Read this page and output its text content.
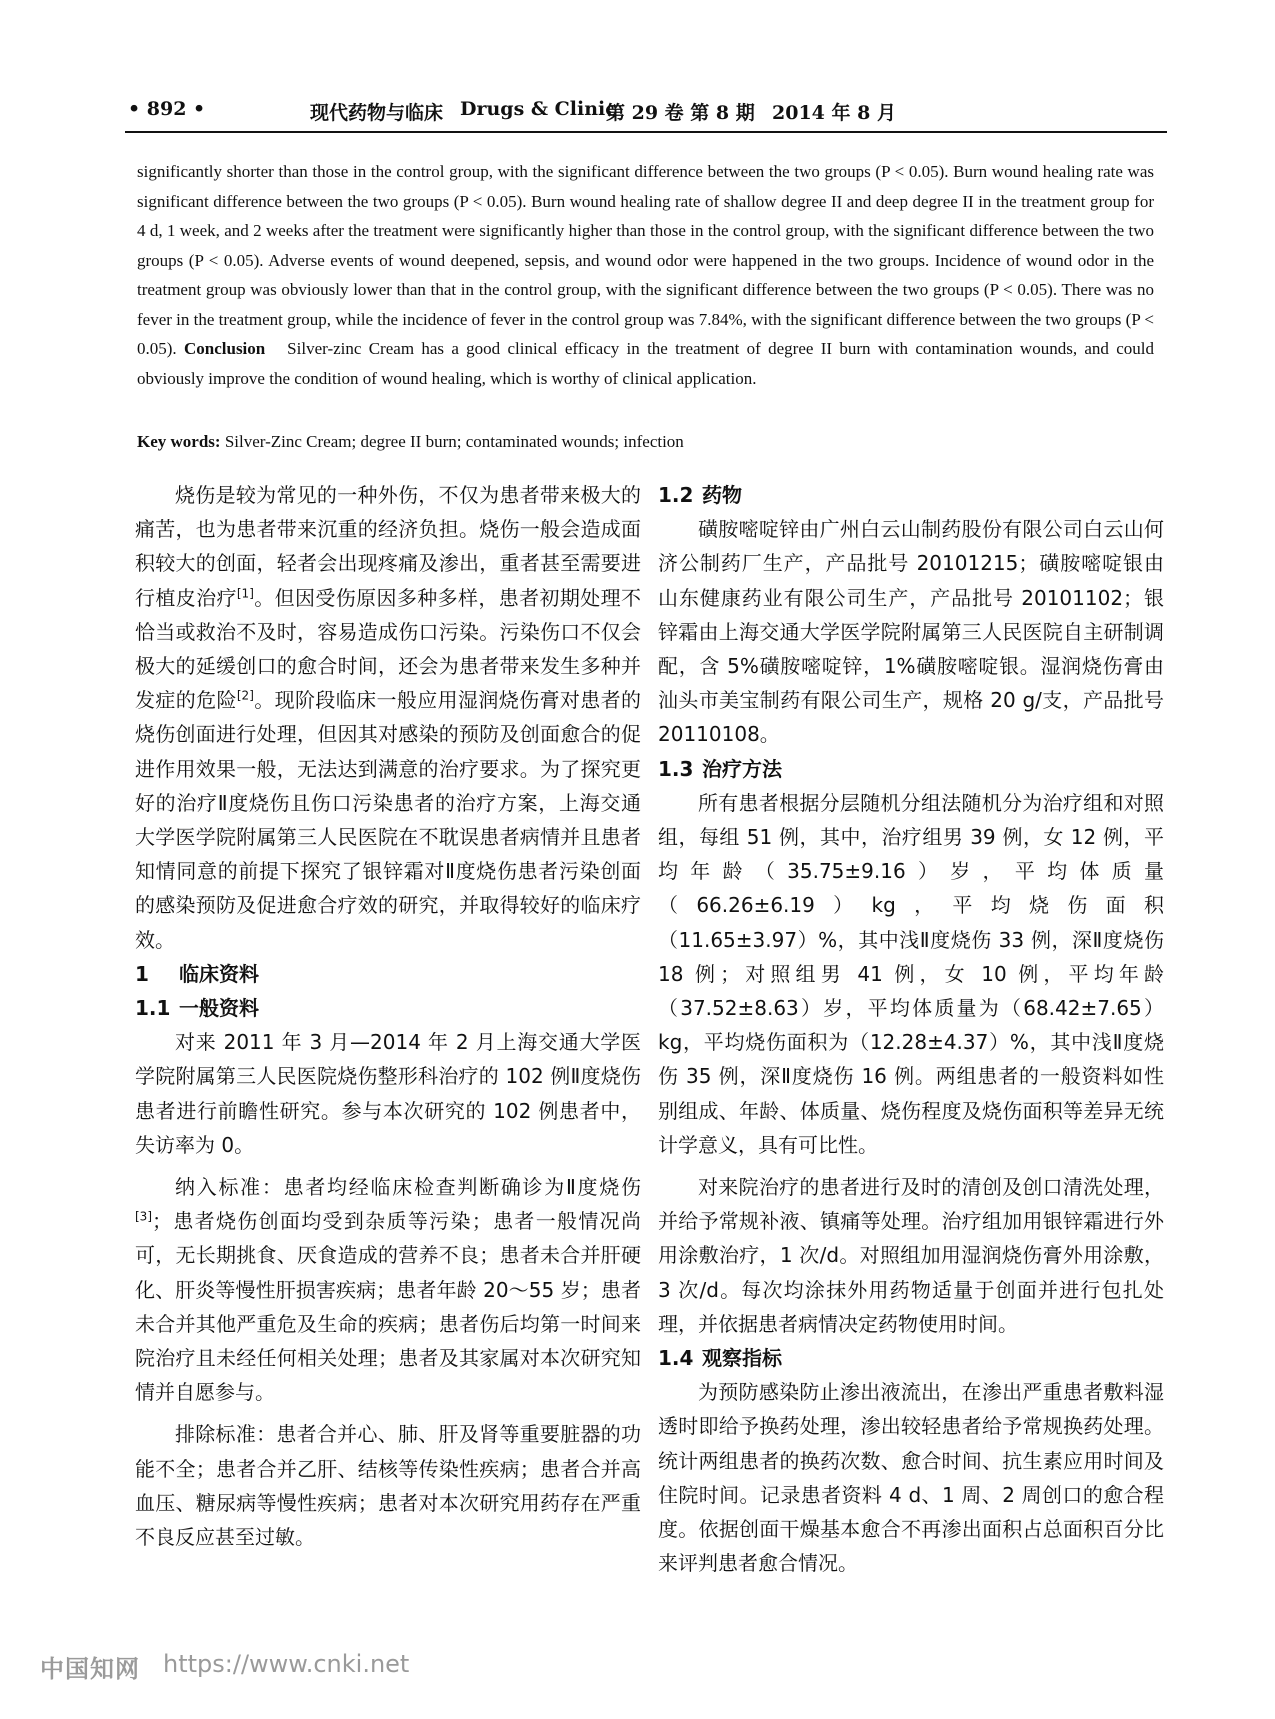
• 892 •	现代药物与临床 Drugs & Clinic
第 29 卷 第 8 期 2014 年 8 月
significantly shorter than those in the control group, with the significant difference between the two groups (P < 0.05). Burn wound healing rate was significant difference between the two groups (P < 0.05). Burn wound healing rate of shallow degree II and deep degree II in the treatment group for 4 d, 1 week, and 2 weeks after the treatment were significantly higher than those in the control group, with the significant difference between the two groups (P < 0.05). Adverse events of wound deepened, sepsis, and wound odor were happened in the two groups. Incidence of wound odor in the treatment group was obviously lower than that in the control group, with the significant difference between the two groups (P < 0.05). There was no fever in the treatment group, while the incidence of fever in the control group was 7.84%, with the significant difference between the two groups (P < 0.05). Conclusion Silver-zinc Cream has a good clinical efficacy in the treatment of degree II burn with contamination wounds, and could obviously improve the condition of wound healing, which is worthy of clinical application.
Key words: Silver-Zinc Cream; degree II burn; contaminated wounds; infection

烧伤是较为常见的一种外伤，不仅为患者带来极大的痛苦，也为患者带来沉重的经济负担。烧伤一般会造成面积较大的创面，轻者会出现疼痛及渗出，重者甚至需要进行植皮治疗[1]。但因受伤原因多种多样，患者初期处理不恰当或救治不及时，容易造成伤口污染。污染伤口不仅会极大的延缓创口的愈合时间，还会为患者带来发生多种并发症的危险[2]。现阶段临床一般应用湿润烧伤膏对患者的烧伤创面进行处理，但因其对感染的预防及创面愈合的促进作用效果一般，无法达到满意的治疗要求。为了探究更好的治疗Ⅱ度烧伤且伤口污染患者的治疗方案，上海交通大学医学院附属第三人民医院在不耽误患者病情并且患者知情同意的前提下探究了银锌霜对Ⅱ度烧伤患者污染创面的感染预防及促进愈合疗效的研究，并取得较好的临床疗效。

1 临床资料
1.1 一般资料

对来 2011 年 3 月—2014 年 2 月上海交通大学医学院附属第三人民医院烧伤整形科治疗的 102 例Ⅱ度烧伤患者进行前瞻性研究。参与本次研究的 102 例患者中，失访率为 0。

纳入标准：患者均经临床检查判断确诊为Ⅱ度烧伤[3]；患者烧伤创面均受到杂质等污染；患者一般情况尚可，无长期挑食、厌食造成的营养不良；患者未合并肝硬化、肝炎等慢性肝损害疾病；患者年龄 20～55 岁；患者未合并其他严重危及生命的疾病；患者伤后均第一时间来院治疗且未经任何相关处理；患者及其家属对本次研究知情并自愿参与。

排除标准：患者合并心、肺、肝及肾等重要脏器的功能不全；患者合并乙肝、结核等传染性疾病；患者合并高血压、糖尿病等慢性疾病；患者对本次研究用药存在严重不良反应甚至过敏。

1.2 药物

磺胺嘧啶锌由广州白云山制药股份有限公司白云山何济公制药厂生产，产品批号 20101215；磺胺嘧啶银由山东健康药业有限公司生产，产品批号 20101102；银锌霜由上海交通大学医学院附属第三人民医院自主研制调配，含 5%磺胺嘧啶锌，1%磺胺嘧啶银。湿润烧伤膏由汕头市美宝制药有限公司生产，规格 20 g/支，产品批号 20110108。

1.3 治疗方法

所有患者根据分层随机分组法随机分为治疗组和对照组，每组 51 例，其中，治疗组男 39 例，女 12 例，平均年龄（35.75±9.16）岁，平均体质量（66.26±6.19）kg，平均烧伤面积（11.65±3.97）%，其中浅Ⅱ度烧伤 33 例，深Ⅱ度烧伤 18 例；对照组男 41 例，女 10 例，平均年龄（37.52±8.63）岁，平均体质量为（68.42±7.65）kg，平均烧伤面积为（12.28±4.37）%，其中浅Ⅱ度烧伤 35 例，深Ⅱ度烧伤 16 例。两组患者的一般资料如性别组成、年龄、体质量、烧伤程度及烧伤面积等差异无统计学意义，具有可比性。

对来院治疗的患者进行及时的清创及创口清洗处理，并给予常规补液、镇痛等处理。治疗组加用银锌霜进行外用涂敷治疗，1 次/d。对照组加用湿润烧伤膏外用涂敷，3 次/d。每次均涂抹外用药物适量于创面并进行包扎处理，并依据患者病情决定药物使用时间。

1.4 观察指标

为预防感染防止渗出液流出，在渗出严重患者敷料湿透时即给予换药处理，渗出较轻患者给予常规换药处理。统计两组患者的换药次数、愈合时间、抗生素应用时间及住院时间。记录患者资料 4 d、1 周、2 周创口的愈合程度。依据创面干燥基本愈合不再渗出面积占总面积百分比来评判患者愈合情况。

中国知网 https://www.cnki.net
